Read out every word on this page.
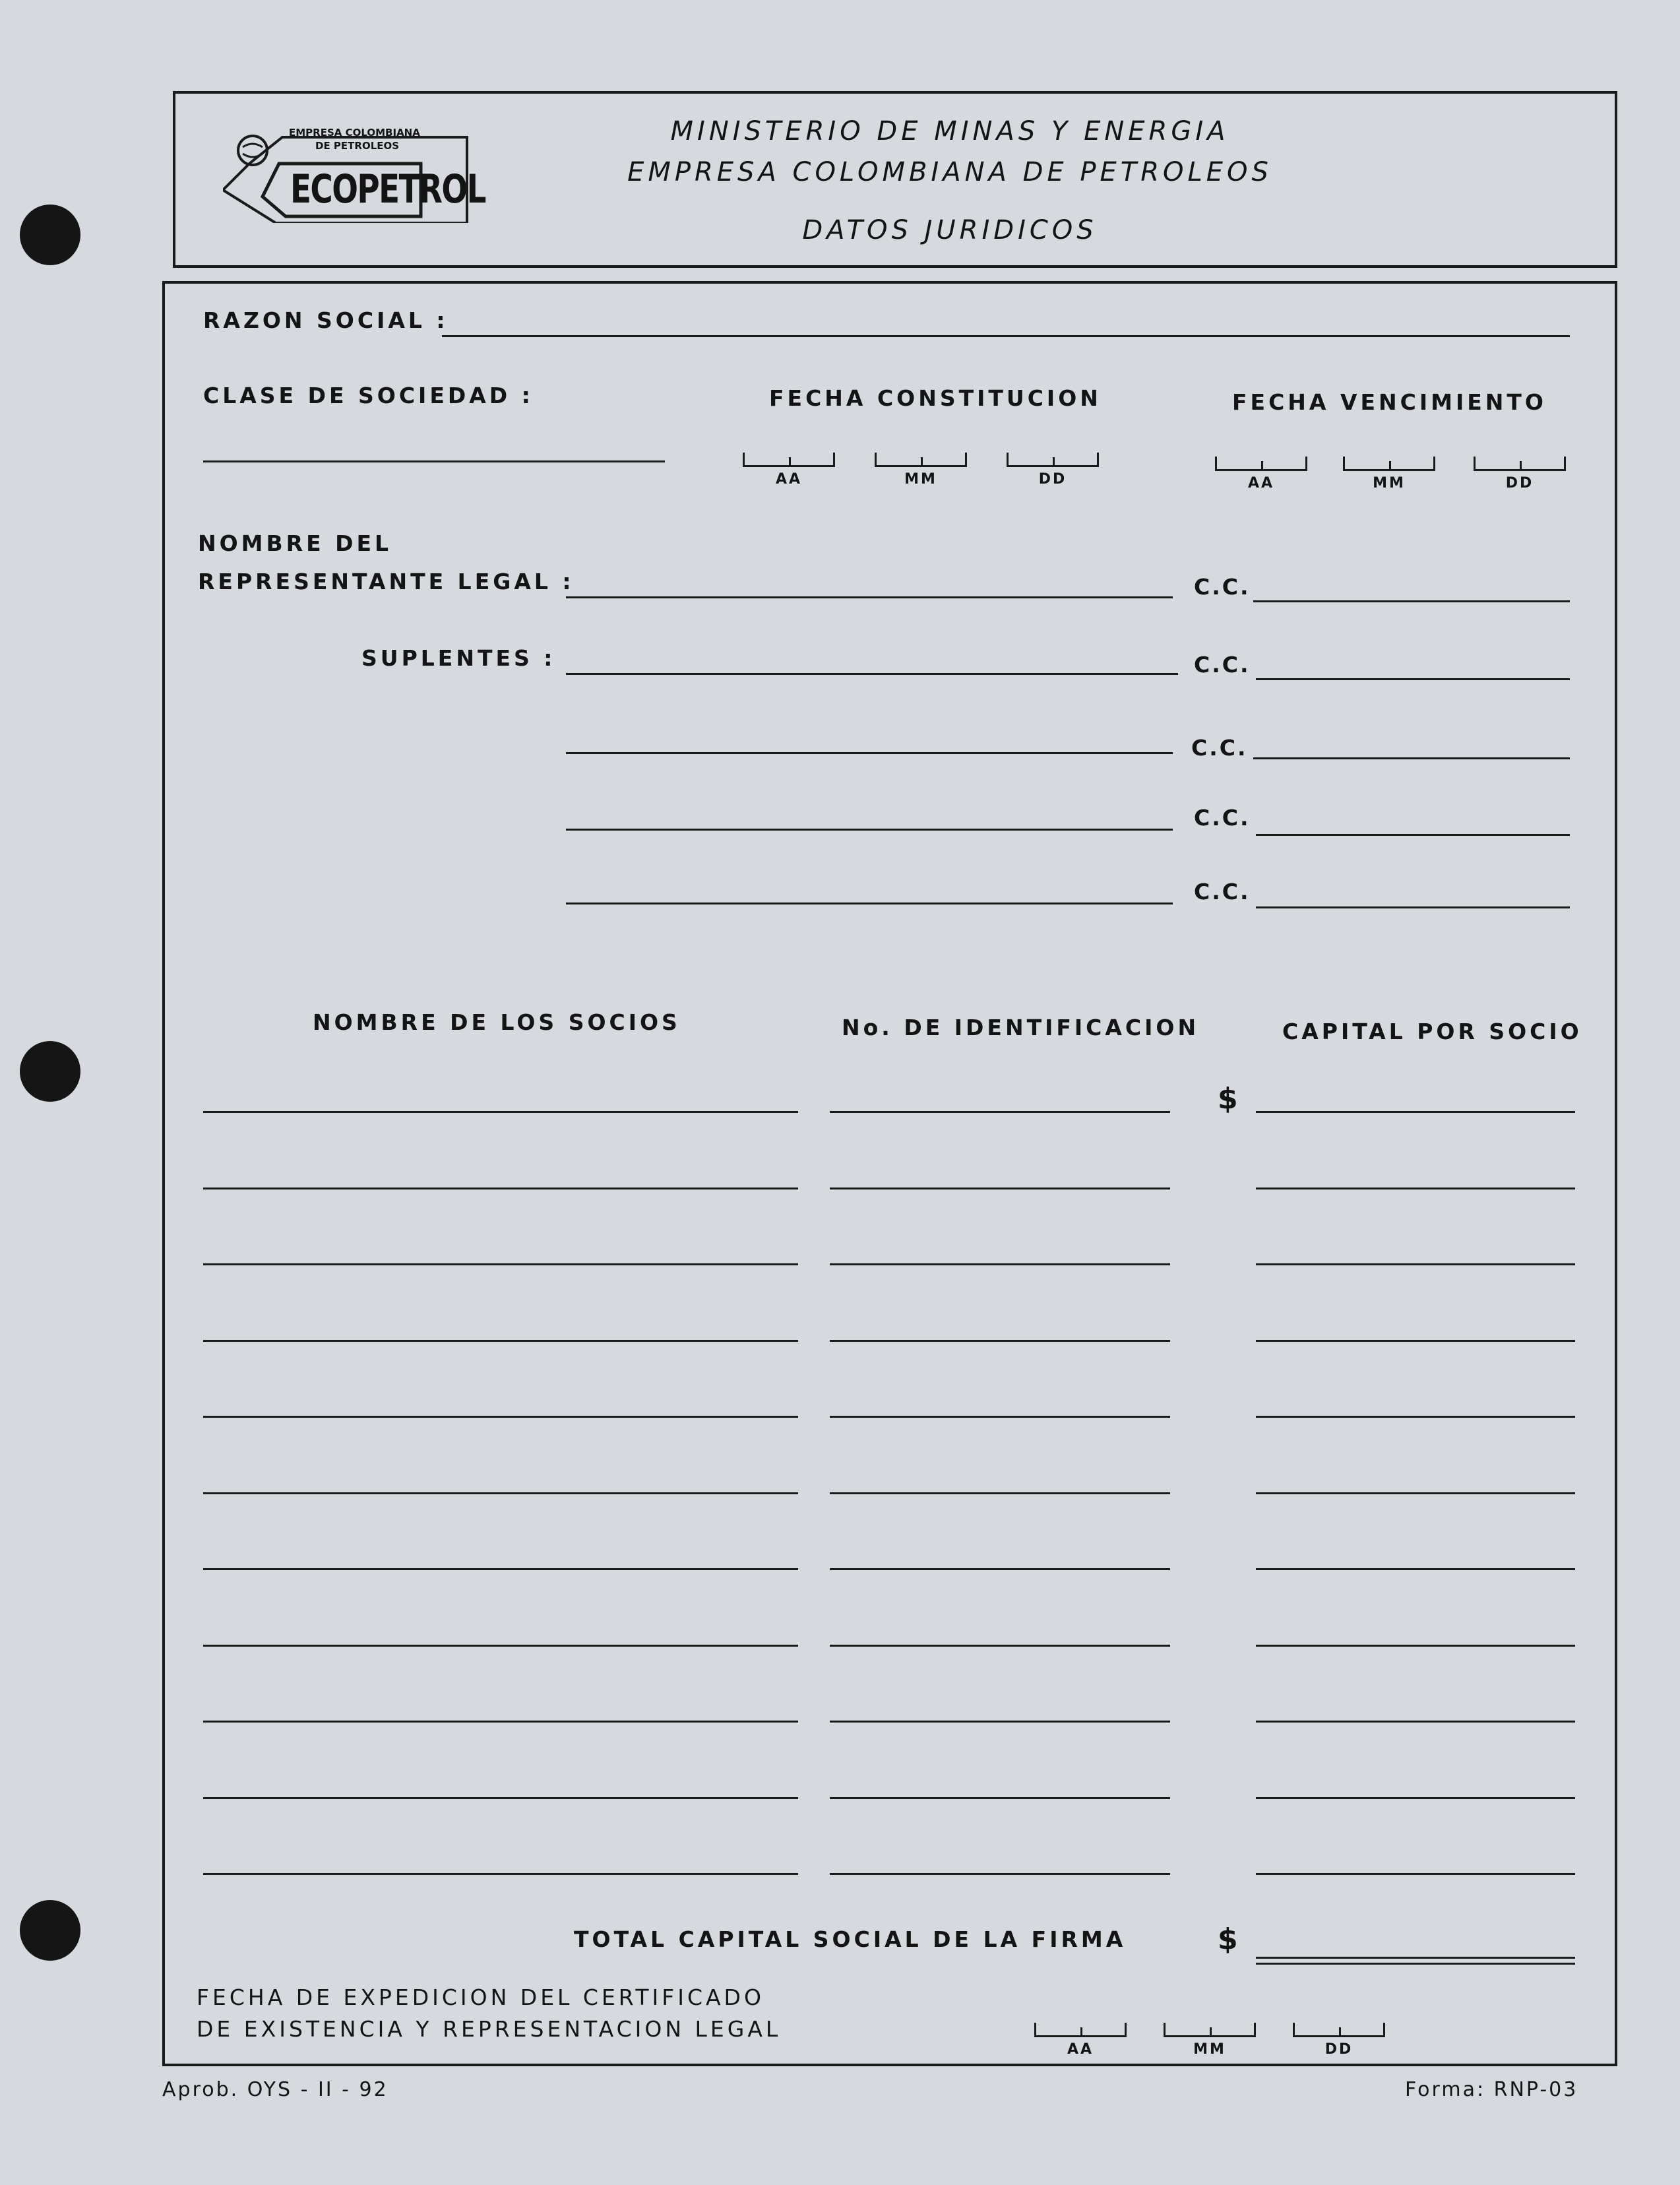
EMPRESA COLOMBIANA
DE PETROLEOS
ECOPETROL
MINISTERIO DE MINAS Y ENERGIA
EMPRESA COLOMBIANA DE PETROLEOS
DATOS JURIDICOS
RAZON SOCIAL :
CLASE DE SOCIEDAD :	FECHA CONSTITUCION
AA	MM	DD
FECHA VENCIMIENTO
AA	MM	DD
NOMBRE DEL
REPRESENTANTE LEGAL :	C.C.
SUPLENTES :	C.C.
C.C.
C.C.
C.C.
NOMBRE DE LOS SOCIOS	No. DE IDENTIFICACION	CAPITAL POR SOCIO
$
TOTAL CAPITAL SOCIAL DE LA FIRMA	$
FECHA DE EXPEDICION DEL CERTIFICADO
DE EXISTENCIA Y REPRESENTACION LEGAL
AA	MM	DD
Aprob. OYS - II - 92	Forma: RNP-03
